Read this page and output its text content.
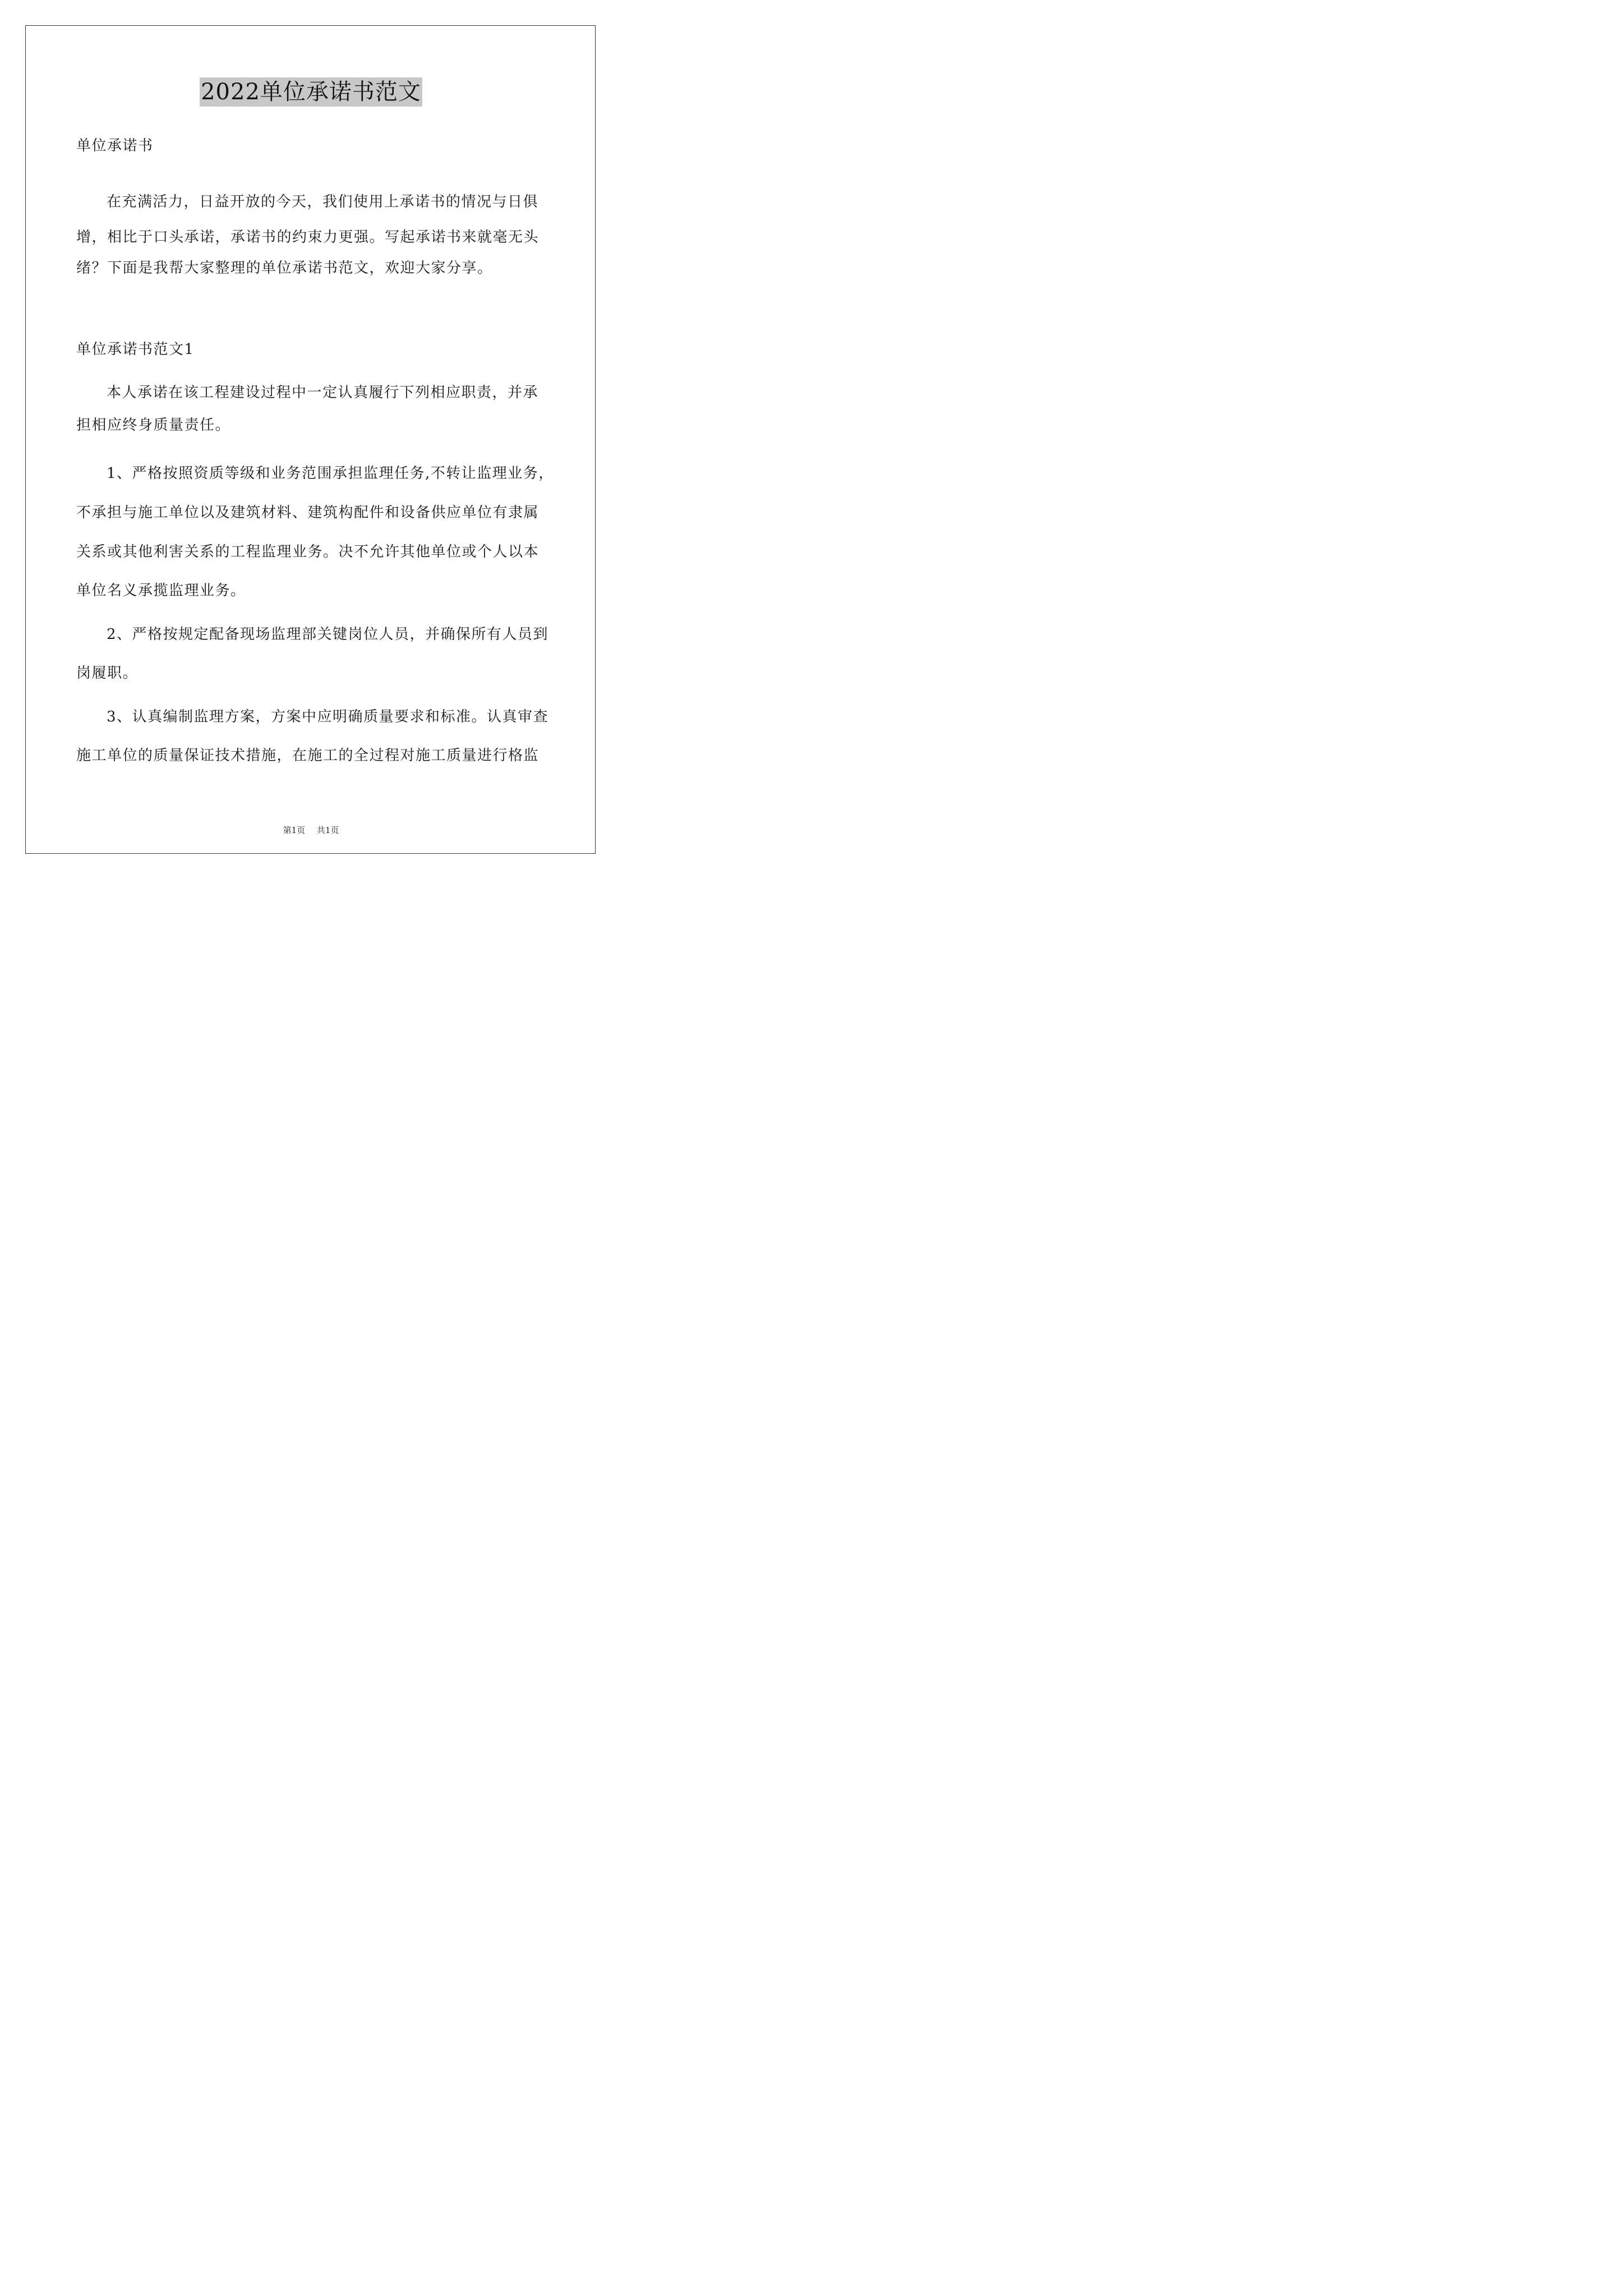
2022单位承诺书范文
单位承诺书
在充满活力，日益开放的今天，我们使用上承诺书的情况与日俱
增，相比于口头承诺，承诺书的约束力更强。写起承诺书来就毫无头
绪？下面是我帮大家整理的单位承诺书范文，欢迎大家分享。
单位承诺书范文1
本人承诺在该工程建设过程中一定认真履行下列相应职责，并承
担相应终身质量责任。
1、严格按照资质等级和业务范围承担监理任务,不转让监理业务，
不承担与施工单位以及建筑材料、建筑构配件和设备供应单位有隶属
关系或其他利害关系的工程监理业务。决不允许其他单位或个人以本
单位名义承揽监理业务。
2、严格按规定配备现场监理部关键岗位人员，并确保所有人员到
岗履职。
3、认真编制监理方案，方案中应明确质量要求和标准。认真审查
施工单位的质量保证技术措施，在施工的全过程对施工质量进行格监
第1页 共1页
